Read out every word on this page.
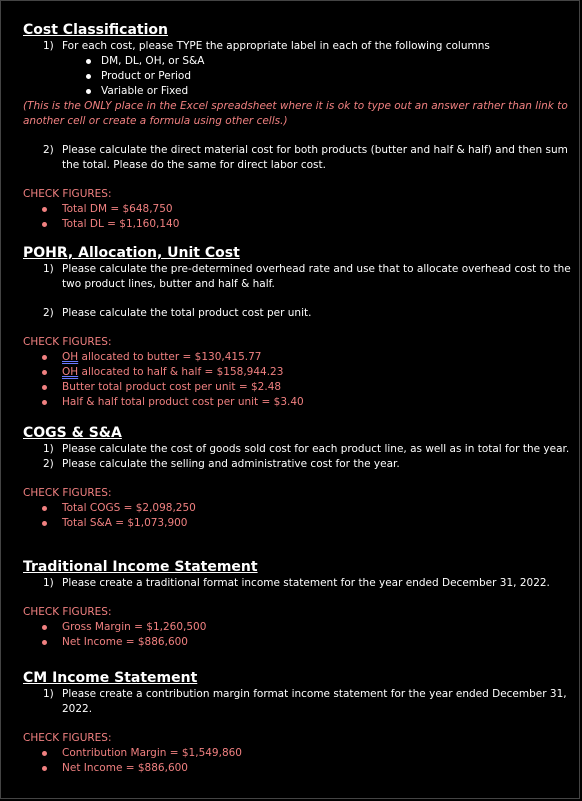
Cost Classification
1) For each cost, please TYPE the appropriate label in each of the following columns
DM, DL, OH, or S&A
Product or Period
Variable or Fixed
(This is the ONLY place in the Excel spreadsheet where it is ok to type out an answer rather than link to another cell or create a formula using other cells.)
2) Please calculate the direct material cost for both products (butter and half & half) and then sum the total. Please do the same for direct labor cost.
CHECK FIGURES:
Total DM = $648,750
Total DL = $1,160,140
POHR, Allocation, Unit Cost
1) Please calculate the pre-determined overhead rate and use that to allocate overhead cost to the two product lines, butter and half & half.
2) Please calculate the total product cost per unit.
CHECK FIGURES:
OH allocated to butter = $130,415.77
OH allocated to half & half = $158,944.23
Butter total product cost per unit = $2.48
Half & half total product cost per unit = $3.40
COGS & S&A
1) Please calculate the cost of goods sold cost for each product line, as well as in total for the year.
2) Please calculate the selling and administrative cost for the year.
CHECK FIGURES:
Total COGS = $2,098,250
Total S&A = $1,073,900
Traditional Income Statement
1) Please create a traditional format income statement for the year ended December 31, 2022.
CHECK FIGURES:
Gross Margin = $1,260,500
Net Income = $886,600
CM Income Statement
1) Please create a contribution margin format income statement for the year ended December 31, 2022.
CHECK FIGURES:
Contribution Margin = $1,549,860
Net Income = $886,600
